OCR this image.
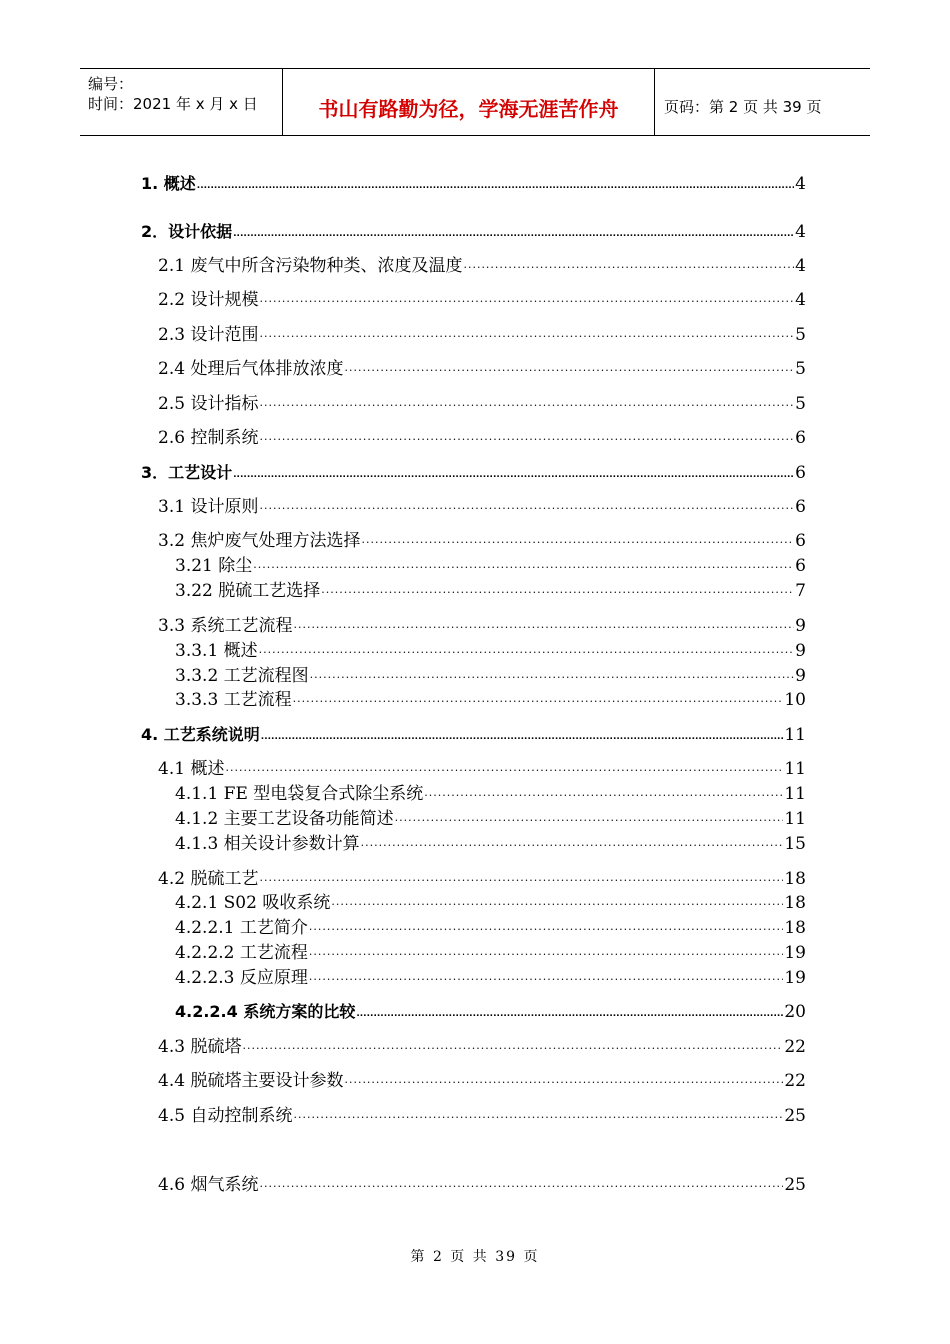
编号：
时间：2021 年 x 月 x 日	书山有路勤为径，学海无涯苦作舟	页码：第 2 页 共 39 页
1. 概述 .....	4
2．设计依据 .....	4
2.1 废气中所含污染物种类、浓度及温度 ·····	4
2.2 设计规模 ·····	4
2.3 设计范围 ·····	5
2.4 处理后气体排放浓度 ·····	5
2.5 设计指标 ·····	5
2.6 控制系统 ·····	6
3．工艺设计 .....	6
3.1 设计原则 ·····	6
3.2 焦炉废气处理方法选择 ·····	6
3.21 除尘 ·····	6
3.22 脱硫工艺选择 ·····	7
3.3 系统工艺流程 ·····	9
3.3.1 概述 ·····	9
3.3.2 工艺流程图 ·····	9
3.3.3 工艺流程 ·····	10
4. 工艺系统说明 .....	11
4.1 概述 ·····	11
4.1.1 FE 型电袋复合式除尘系统 ·····	11
4.1.2 主要工艺设备功能简述 ·····	11
4.1.3 相关设计参数计算 ·····	15
4.2 脱硫工艺 ·····	18
4.2.1 S02 吸收系统 ·····	18
4.2.2.1 工艺简介 ·····	18
4.2.2.2 工艺流程 ·····	19
4.2.2.3 反应原理 ·····	19
4.2.2.4 系统方案的比较 .....	20
4.3 脱硫塔 ·····	22
4.4 脱硫塔主要设计参数 ·····	22
4.5 自动控制系统 ·····	25
4.6 烟气系统 ·····	25
第 2 页 共 39 页
